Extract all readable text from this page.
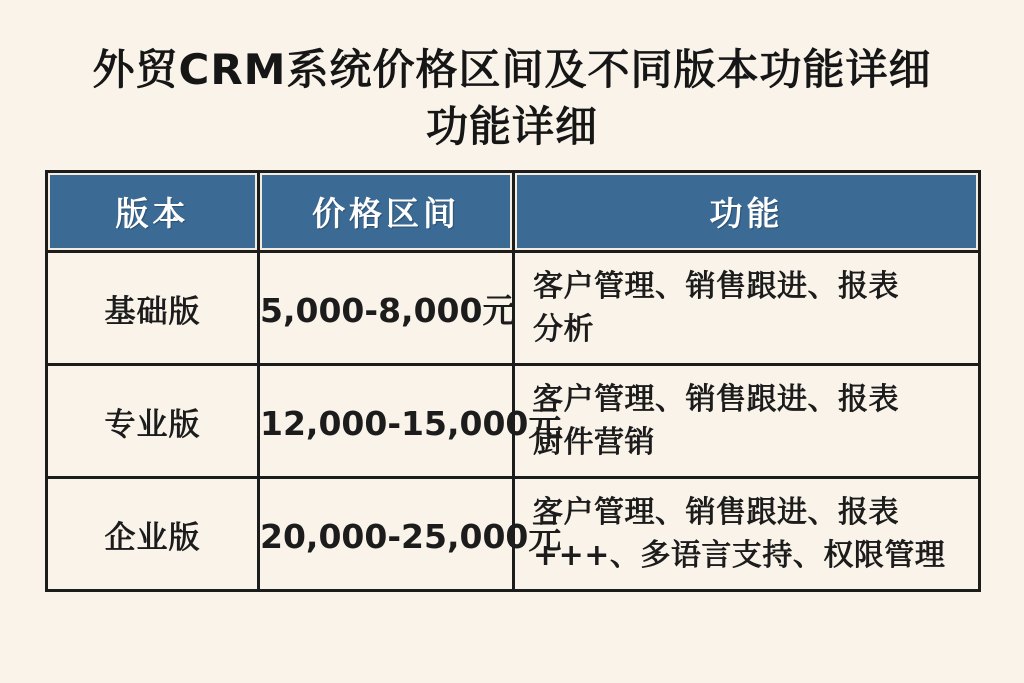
外贸CRM系统价格区间及不同版本功能详细
功能详细
版本	价格区间	功能
基础版	5,000-8,000元	客户管理、销售跟进、报表
分析

专业版	12,000-15,000元	客户管理、销售跟进、报表
厨件营销

企业版	20,000-25,000元	客户管理、销售跟进、报表
+++、多语言支持、权限管理
